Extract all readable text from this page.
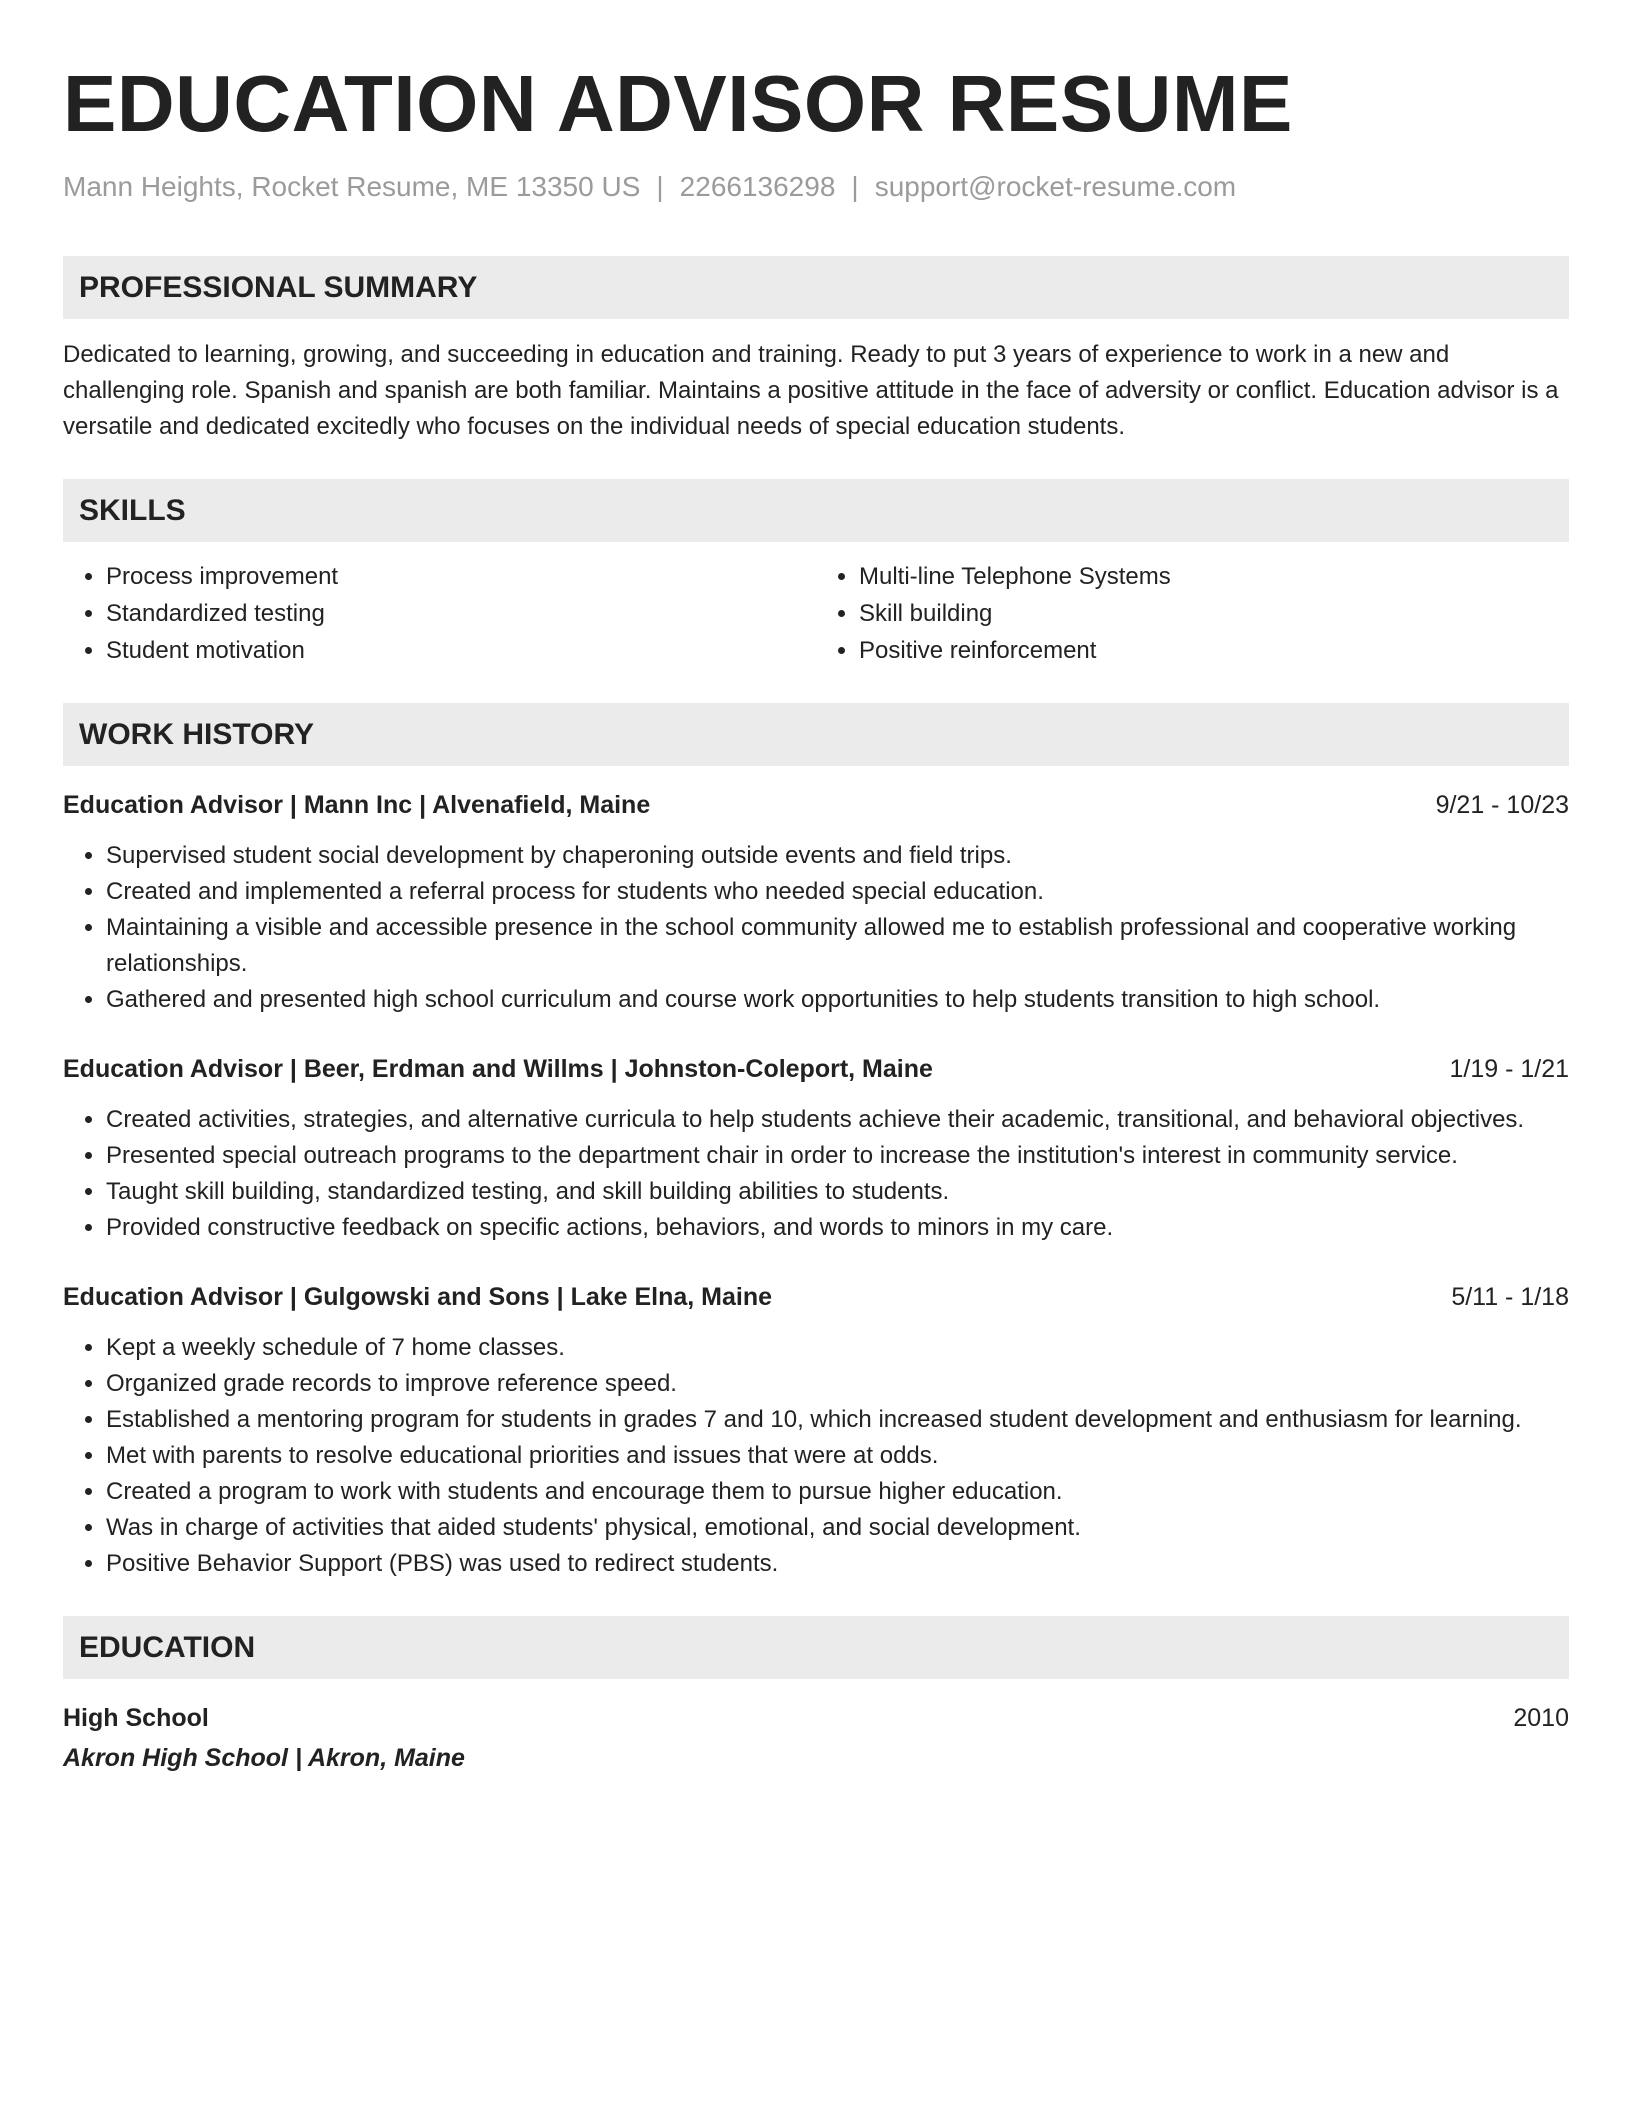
EDUCATION ADVISOR RESUME
Mann Heights, Rocket Resume, ME 13350 US | 2266136298 | support@rocket-resume.com
PROFESSIONAL SUMMARY
Dedicated to learning, growing, and succeeding in education and training. Ready to put 3 years of experience to work in a new and challenging role. Spanish and spanish are both familiar. Maintains a positive attitude in the face of adversity or conflict. Education advisor is a versatile and dedicated excitedly who focuses on the individual needs of special education students.
SKILLS
• Process improvement
• Standardized testing
• Student motivation
• Multi-line Telephone Systems
• Skill building
• Positive reinforcement
WORK HISTORY
Education Advisor | Mann Inc | Alvenafield, Maine	9/21 - 10/23
• Supervised student social development by chaperoning outside events and field trips.
• Created and implemented a referral process for students who needed special education.
• Maintaining a visible and accessible presence in the school community allowed me to establish professional and cooperative working relationships.
• Gathered and presented high school curriculum and course work opportunities to help students transition to high school.
Education Advisor | Beer, Erdman and Willms | Johnston-Coleport, Maine	1/19 - 1/21
• Created activities, strategies, and alternative curricula to help students achieve their academic, transitional, and behavioral objectives.
• Presented special outreach programs to the department chair in order to increase the institution's interest in community service.
• Taught skill building, standardized testing, and skill building abilities to students.
• Provided constructive feedback on specific actions, behaviors, and words to minors in my care.
Education Advisor | Gulgowski and Sons | Lake Elna, Maine	5/11 - 1/18
• Kept a weekly schedule of 7 home classes.
• Organized grade records to improve reference speed.
• Established a mentoring program for students in grades 7 and 10, which increased student development and enthusiasm for learning.
• Met with parents to resolve educational priorities and issues that were at odds.
• Created a program to work with students and encourage them to pursue higher education.
• Was in charge of activities that aided students' physical, emotional, and social development.
• Positive Behavior Support (PBS) was used to redirect students.
EDUCATION
High School	2010
Akron High School | Akron, Maine
